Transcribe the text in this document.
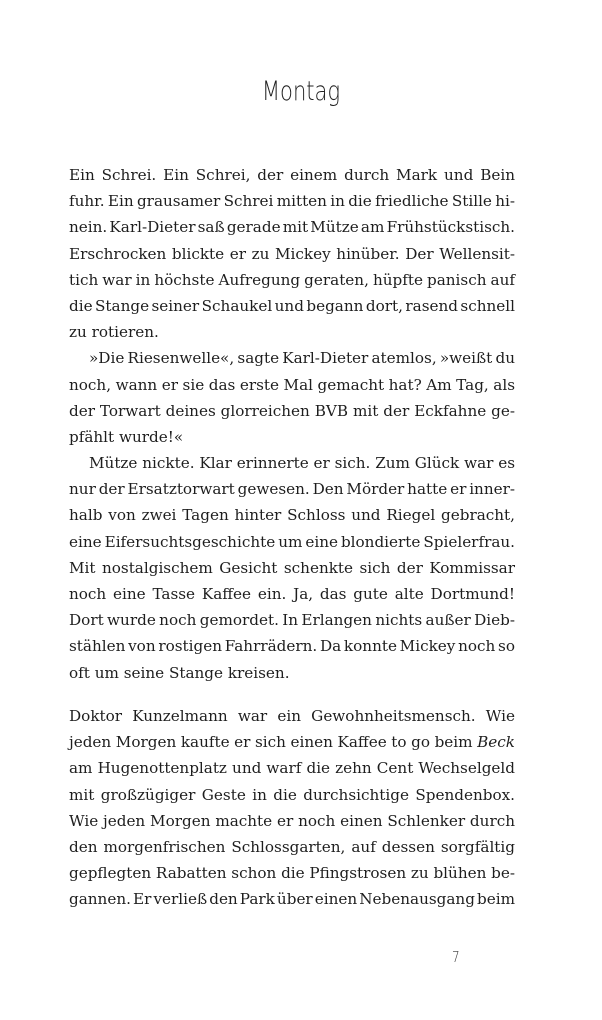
Montag
Ein Schrei. Ein Schrei, der einem durch Mark und Bein
fuhr. Ein grausamer Schrei mitten in die friedliche Stille hi-
nein. Karl-Dieter saß gerade mit Mütze am Frühstückstisch.
Erschrocken blickte er zu Mickey hinüber. Der Wellensit-
tich war in höchste Aufregung geraten, hüpfte panisch auf
die Stange seiner Schaukel und begann dort, rasend schnell
zu rotieren.
»Die Riesenwelle«, sagte Karl-Dieter atemlos, »weißt du
noch, wann er sie das erste Mal gemacht hat? Am Tag, als
der Torwart deines glorreichen BVB mit der Eckfahne ge-
pfählt wurde!«
Mütze nickte. Klar erinnerte er sich. Zum Glück war es
nur der Ersatztorwart gewesen. Den Mörder hatte er inner-
halb von zwei Tagen hinter Schloss und Riegel gebracht,
eine Eifersuchtsgeschichte um eine blondierte Spielerfrau.
Mit nostalgischem Gesicht schenkte sich der Kommissar
noch eine Tasse Kaffee ein. Ja, das gute alte Dortmund!
Dort wurde noch gemordet. In Erlangen nichts außer Dieb-
stählen von rostigen Fahrrädern. Da konnte Mickey noch so
oft um seine Stange kreisen.
Doktor Kunzelmann war ein Gewohnheitsmensch. Wie
jeden Morgen kaufte er sich einen Kaffee to go beim Beck
am Hugenottenplatz und warf die zehn Cent Wechselgeld
mit großzügiger Geste in die durchsichtige Spendenbox.
Wie jeden Morgen machte er noch einen Schlenker durch
den morgenfrischen Schlossgarten, auf dessen sorgfältig
gepflegten Rabatten schon die Pfingstrosen zu blühen be-
gannen. Er verließ den Park über einen Nebenausgang beim
7
